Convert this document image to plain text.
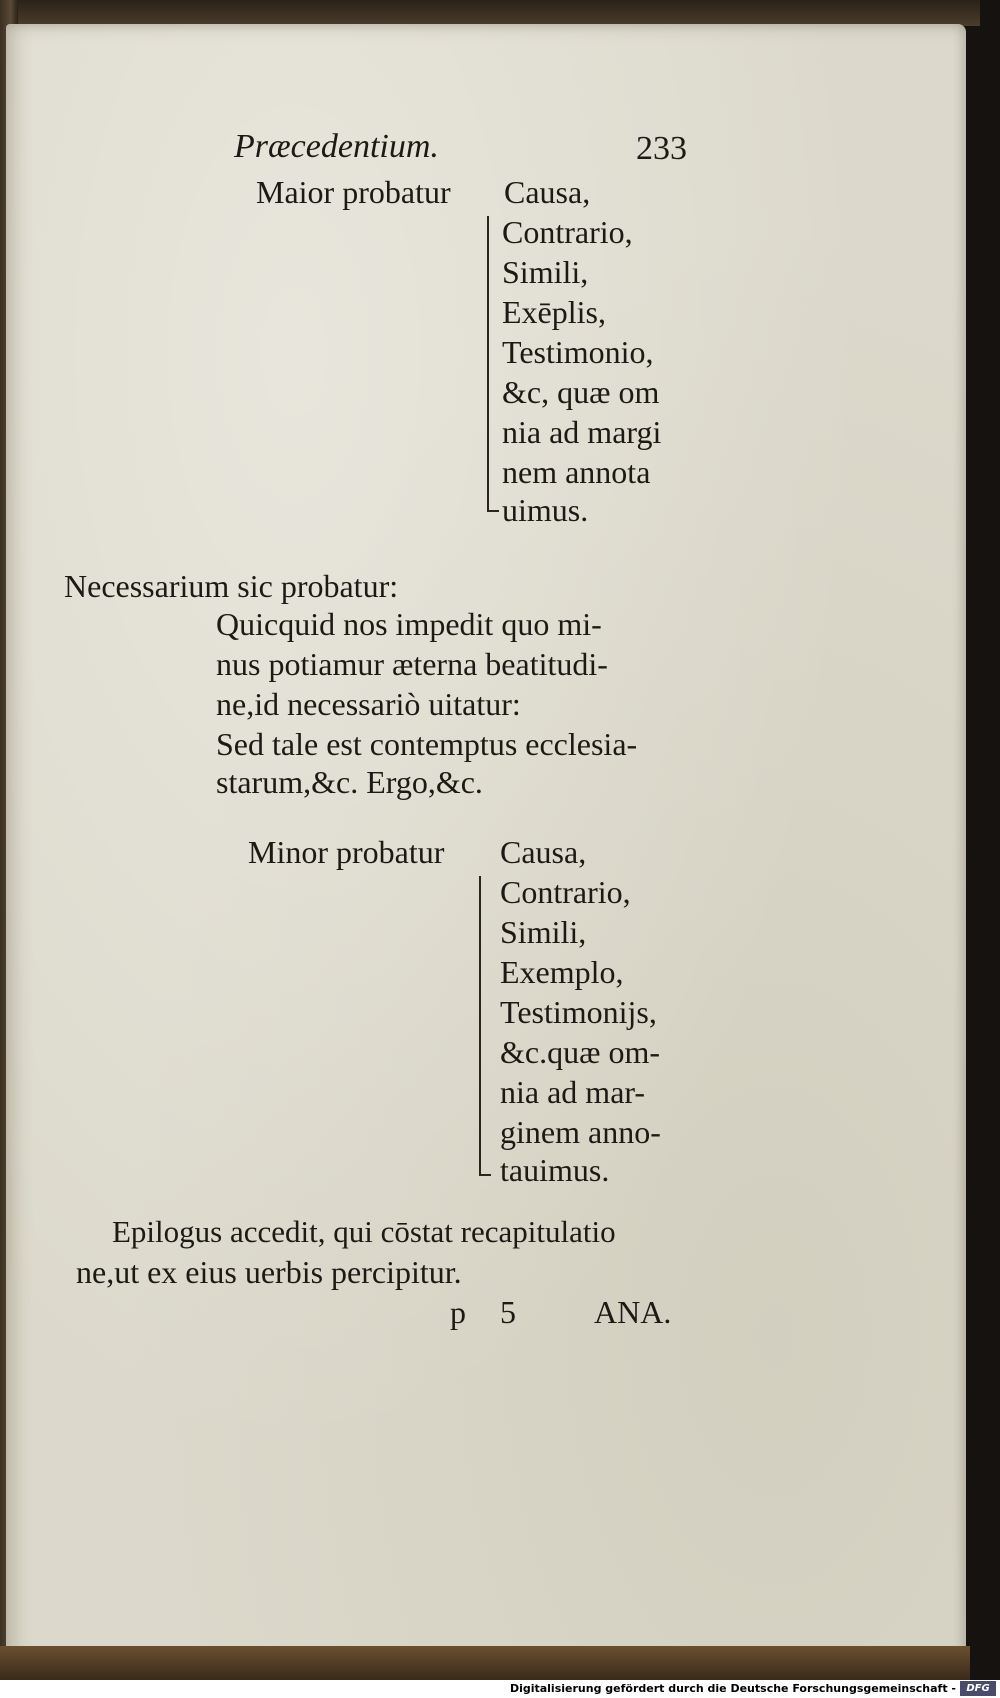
Præcedentium.	233
Maior probatur Causa,
Contrario,
Simili,
Exēplis,
Testimonio,
&c, quæ om
nia ad margi
nem annota
uimus.
Necessarium sic probatur:
Quicquid nos impedit quo mi-
nus potiamur æterna beatitudi-
ne,id necessariò uitatur:
Sed tale est contemptus ecclesia-
starum,&c. Ergo,&c.
Minor probatur Causa,
Contrario,
Simili,
Exemplo,
Testimonijs,
&c.quæ om-
nia ad mar-
ginem anno-
tauimus.
Epilogus accedit, qui cōstat recapitulatio
ne,ut ex eius uerbis percipitur.
p 5 ANA.
Digitalisierung gefördert durch die Deutsche Forschungsgemeinschaft -	DFG
